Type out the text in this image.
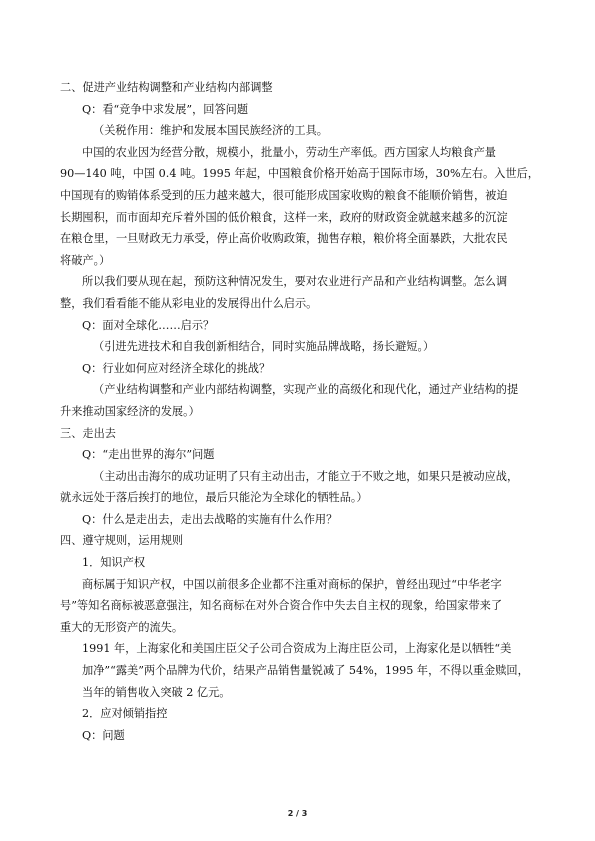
二、促进产业结构调整和产业结构内部调整
Q：看“竞争中求发展”，回答问题
（关税作用：维护和发展本国民族经济的工具。
中国的农业因为经营分散，规模小，批量小，劳动生产率低。西方国家人均粮食产量
90—140 吨，中国 0.4 吨。1995 年起，中国粮食价格开始高于国际市场，30%左右。入世后，
中国现有的购销体系受到的压力越来越大，很可能形成国家收购的粮食不能顺价销售，被迫
长期囤积，而市面却充斥着外国的低价粮食，这样一来，政府的财政资金就越来越多的沉淀
在粮仓里，一旦财政无力承受，停止高价收购政策，抛售存粮，粮价将全面暴跌，大批农民
将破产。）
所以我们要从现在起，预防这种情况发生，要对农业进行产品和产业结构调整。怎么调
整，我们看看能不能从彩电业的发展得出什么启示。
Q：面对全球化……启示？
（引进先进技术和自我创新相结合，同时实施品牌战略，扬长避短。）
Q：行业如何应对经济全球化的挑战？
（产业结构调整和产业内部结构调整，实现产业的高级化和现代化，通过产业结构的提
升来推动国家经济的发展。）
三、走出去
Q：“走出世界的海尔”问题
（主动出击海尔的成功证明了只有主动出击，才能立于不败之地，如果只是被动应战，
就永远处于落后挨打的地位，最后只能沦为全球化的牺牲品。）
Q：什么是走出去，走出去战略的实施有什么作用？
四、遵守规则，运用规则
1．知识产权
商标属于知识产权，中国以前很多企业都不注重对商标的保护，曾经出现过“中华老字
号”等知名商标被恶意强注，知名商标在对外合资合作中失去自主权的现象，给国家带来了
重大的无形资产的流失。
1991 年，上海家化和美国庄臣父子公司合资成为上海庄臣公司，上海家化是以牺牲“美
加净”“露美”两个品牌为代价，结果产品销售量锐减了 54%，1995 年，不得以重金赎回，
当年的销售收入突破 2 亿元。
2．应对倾销指控
Q：问题
2 / 3
